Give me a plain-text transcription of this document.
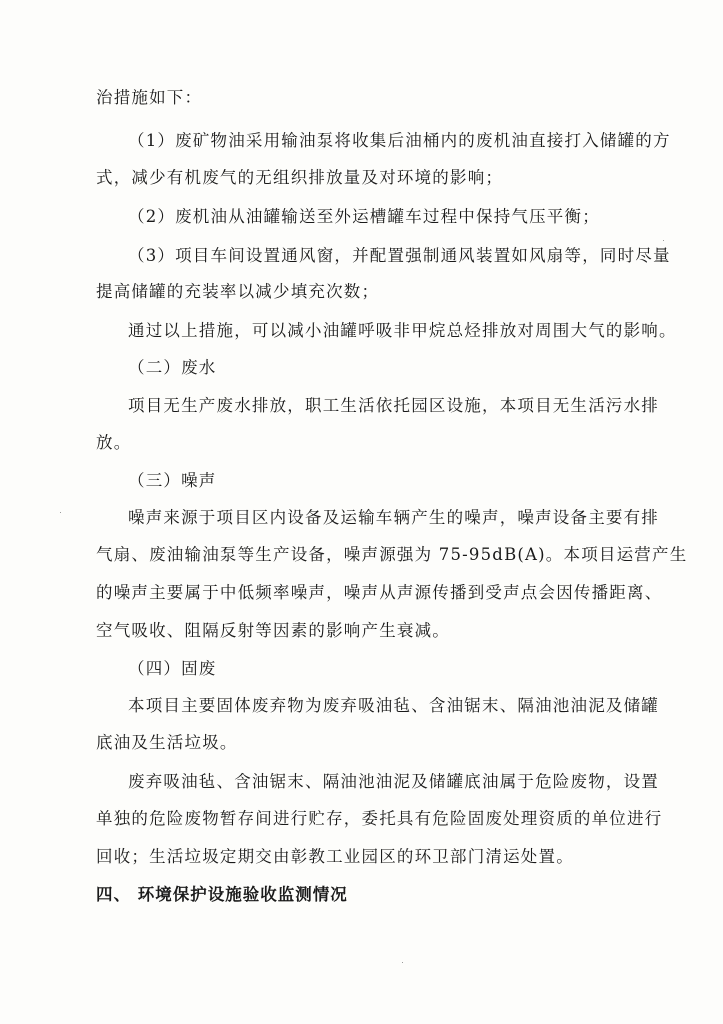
治措施如下：
（1）废矿物油采用输油泵将收集后油桶内的废机油直接打入储罐的方
式，减少有机废气的无组织排放量及对环境的影响；
（2）废机油从油罐输送至外运槽罐车过程中保持气压平衡；
（3）项目车间设置通风窗，并配置强制通风装置如风扇等，同时尽量
提高储罐的充装率以减少填充次数；
通过以上措施，可以减小油罐呼吸非甲烷总烃排放对周围大气的影响。
（二）废水
项目无生产废水排放，职工生活依托园区设施，本项目无生活污水排
放。
（三）噪声
噪声来源于项目区内设备及运输车辆产生的噪声，噪声设备主要有排
气扇、废油输油泵等生产设备，噪声源强为 75-95dB(A)。本项目运营产生
的噪声主要属于中低频率噪声，噪声从声源传播到受声点会因传播距离、
空气吸收、阻隔反射等因素的影响产生衰减。
（四）固废
本项目主要固体废弃物为废弃吸油毡、含油锯末、隔油池油泥及储罐
底油及生活垃圾。
废弃吸油毡、含油锯末、隔油池油泥及储罐底油属于危险废物，设置
单独的危险废物暂存间进行贮存，委托具有危险固废处理资质的单位进行
回收；生活垃圾定期交由彰教工业园区的环卫部门清运处置。
四、 环境保护设施验收监测情况
